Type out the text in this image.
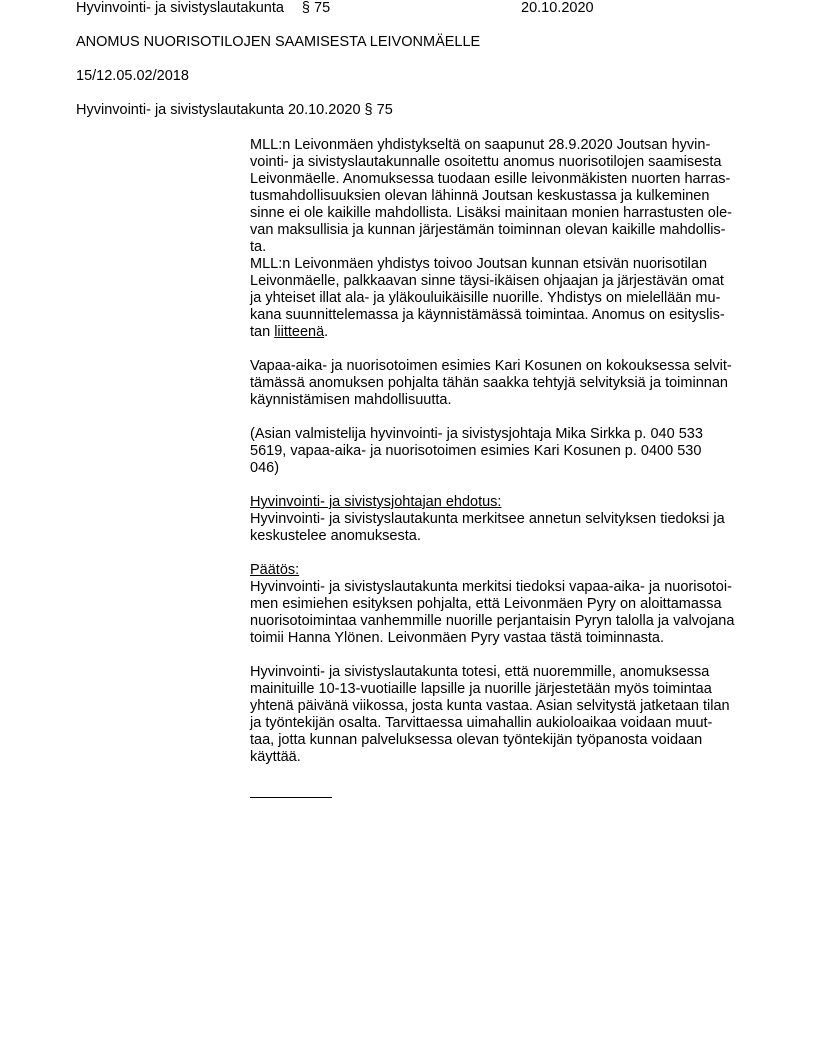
Hyvinvointi- ja sivistyslautakunta § 75	20.10.2020
ANOMUS NUORISOTILOJEN SAAMISESTA LEIVONMÄELLE
15/12.05.02/2018
Hyvinvointi- ja sivistyslautakunta 20.10.2020 § 75

MLL:n Leivonmäen yhdistykseltä on saapunut 28.9.2020 Joutsan hyvin-

vointi- ja sivistyslautakunnalle osoitettu anomus nuorisotilojen saamisesta

Leivonmäelle. Anomuksessa tuodaan esille leivonmäkisten nuorten harras-

tusmahdollisuuksien olevan lähinnä Joutsan keskustassa ja kulkeminen

sinne ei ole kaikille mahdollista. Lisäksi mainitaan monien harrastusten ole-

van maksullisia ja kunnan järjestämän toiminnan olevan kaikille mahdollis-

ta.

MLL:n Leivonmäen yhdistys toivoo Joutsan kunnan etsivän nuorisotilan

Leivonmäelle, palkkaavan sinne täysi-ikäisen ohjaajan ja järjestävän omat

ja yhteiset illat ala- ja yläkouluikäisille nuorille. Yhdistys on mielellään mu-

kana suunnittelemassa ja käynnistämässä toimintaa. Anomus on esityslis-

tan liitteenä.

Vapaa-aika- ja nuorisotoimen esimies Kari Kosunen on kokouksessa selvit-

tämässä anomuksen pohjalta tähän saakka tehtyjä selvityksiä ja toiminnan

käynnistämisen mahdollisuutta.

(Asian valmistelija hyvinvointi- ja sivistysjohtaja Mika Sirkka p. 040 533

5619, vapaa-aika- ja nuorisotoimen esimies Kari Kosunen p. 0400 530

046)

Hyvinvointi- ja sivistysjohtajan ehdotus:

Hyvinvointi- ja sivistyslautakunta merkitsee annetun selvityksen tiedoksi ja

keskustelee anomuksesta.

Päätös:

Hyvinvointi- ja sivistyslautakunta merkitsi tiedoksi vapaa-aika- ja nuorisotoi-

men esimiehen esityksen pohjalta, että Leivonmäen Pyry on aloittamassa

nuorisotoimintaa vanhemmille nuorille perjantaisin Pyryn talolla ja valvojana

toimii Hanna Ylönen. Leivonmäen Pyry vastaa tästä toiminnasta.

Hyvinvointi- ja sivistyslautakunta totesi, että nuoremmille, anomuksessa

mainituille 10-13-vuotiaille lapsille ja nuorille järjestetään myös toimintaa

yhtenä päivänä viikossa, josta kunta vastaa. Asian selvitystä jatketaan tilan

ja työntekijän osalta. Tarvittaessa uimahallin aukioloaikaa voidaan muut-

taa, jotta kunnan palveluksessa olevan työntekijän työpanosta voidaan

käyttää.
